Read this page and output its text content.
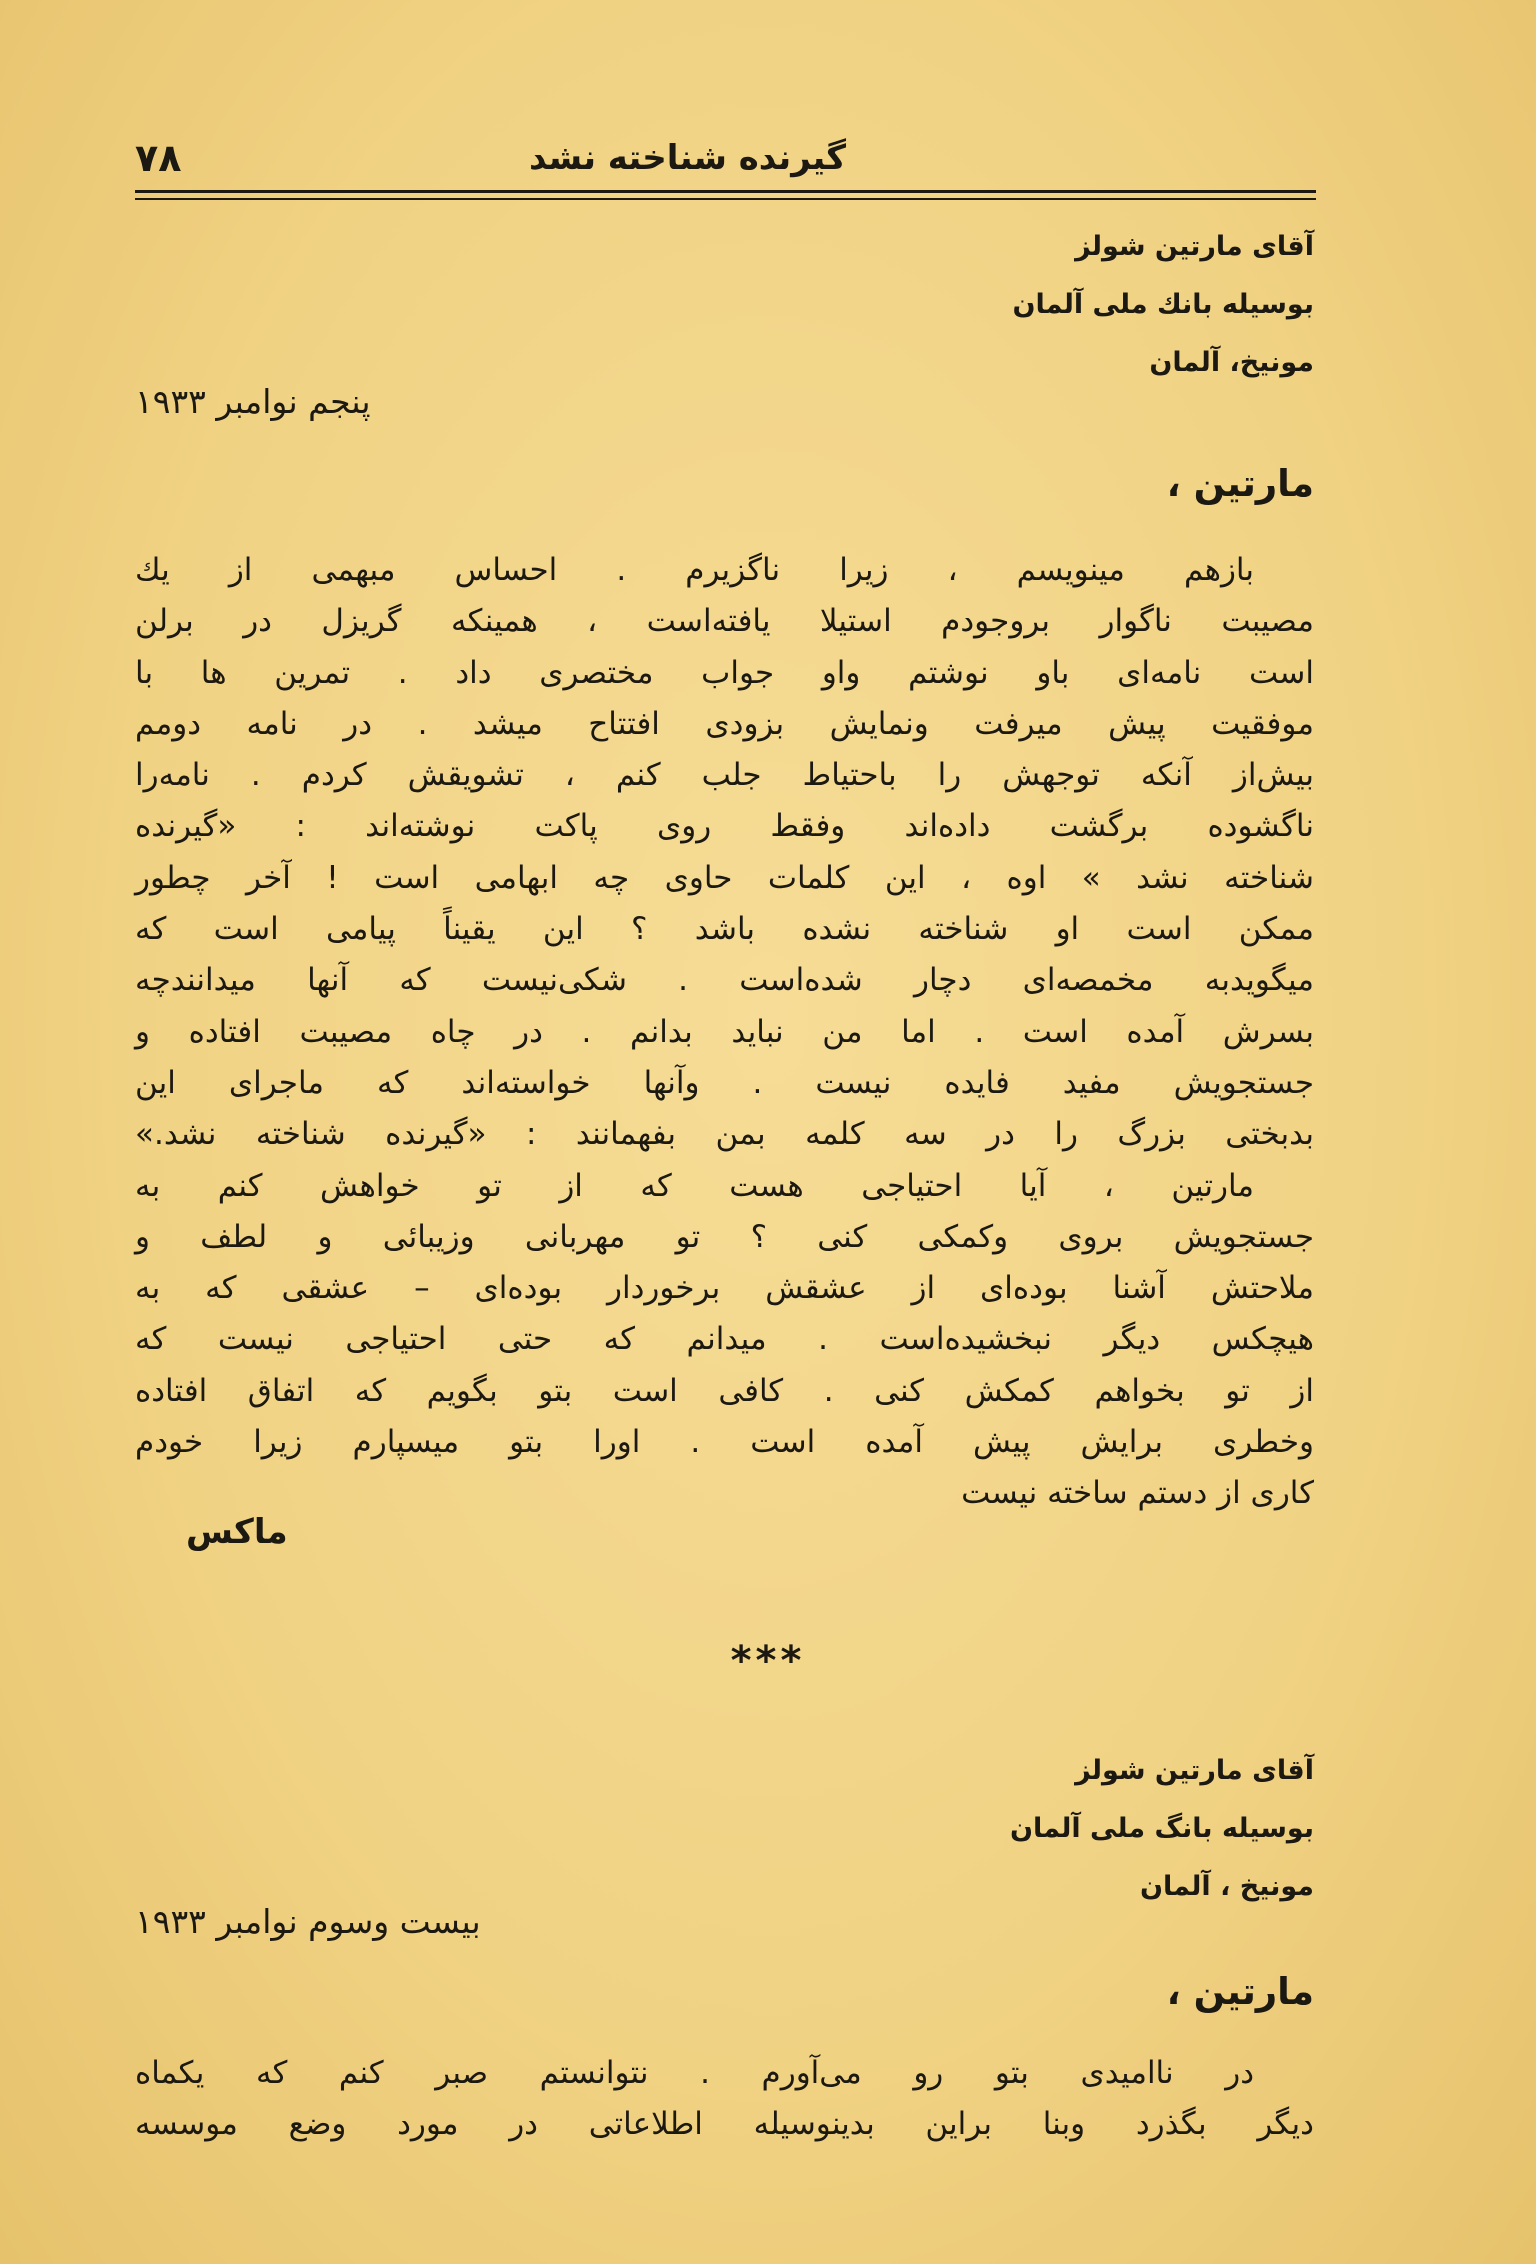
گیرنده شناخته نشد
۷۸
آقای مارتین شولز
بوسیله بانك ملی آلمان
مونیخ، آلمان
پنجم نوامبر ۱۹۳۳
مارتین ،
بازهم مینویسم ، زیرا ناگزیرم . احساس مبهمی از یك
مصیبت ناگوار بروجودم استیلا یافته‌است ، همینکه گریزل در برلن
است نامه‌ای باو نوشتم واو جواب مختصری داد . تمرین ها با
موفقیت پیش میرفت ونمایش بزودی افتتاح میشد . در نامه دومم
بیش‌از آنکه توجهش را باحتیاط جلب کنم ، تشویقش کردم . نامه‌را
ناگشوده برگشت داده‌اند وفقط روی پاکت نوشته‌اند : «گیرنده
شناخته نشد » اوه ، این کلمات حاوی چه ابهامی است ! آخر چطور
ممکن است او شناخته نشده باشد ؟ این یقیناً پیامی است که
میگویدبه مخمصه‌ای دچار شده‌است . شکی‌نیست که آنها میدانندچه
بسرش آمده است . اما من نباید بدانم . در چاه مصیبت افتاده و
جستجویش مفید فایده نیست . وآنها خواسته‌اند که ماجرای این
بدبختی بزرگ را در سه کلمه بمن بفهمانند : «گیرنده شناخته نشد.»
مارتین ، آیا احتیاجی هست که از تو خواهش کنم به
جستجویش بروی وکمکی کنی ؟ تو مهربانی وزیبائی و لطف و
ملاحتش آشنا بوده‌ای از عشقش برخوردار بوده‌ای – عشقی که به
هیچکس دیگر نبخشیده‌است . میدانم که حتی احتیاجی نیست که
از تو بخواهم کمکش کنی . کافی است بتو بگویم که اتفاق افتاده
وخطری برایش پیش آمده است . اورا بتو میسپارم زیرا خودم
کاری از دستم ساخته نیست
ماکس
***
آقای مارتین شولز
بوسیله بانگ ملی آلمان
مونیخ ، آلمان
بیست وسوم نوامبر ۱۹۳۳
مارتین ،
در ناامیدی بتو رو می‌آورم . نتوانستم صبر کنم که یکماه
دیگر بگذرد وبنا براین بدینوسیله اطلاعاتی در مورد وضع موسسه
